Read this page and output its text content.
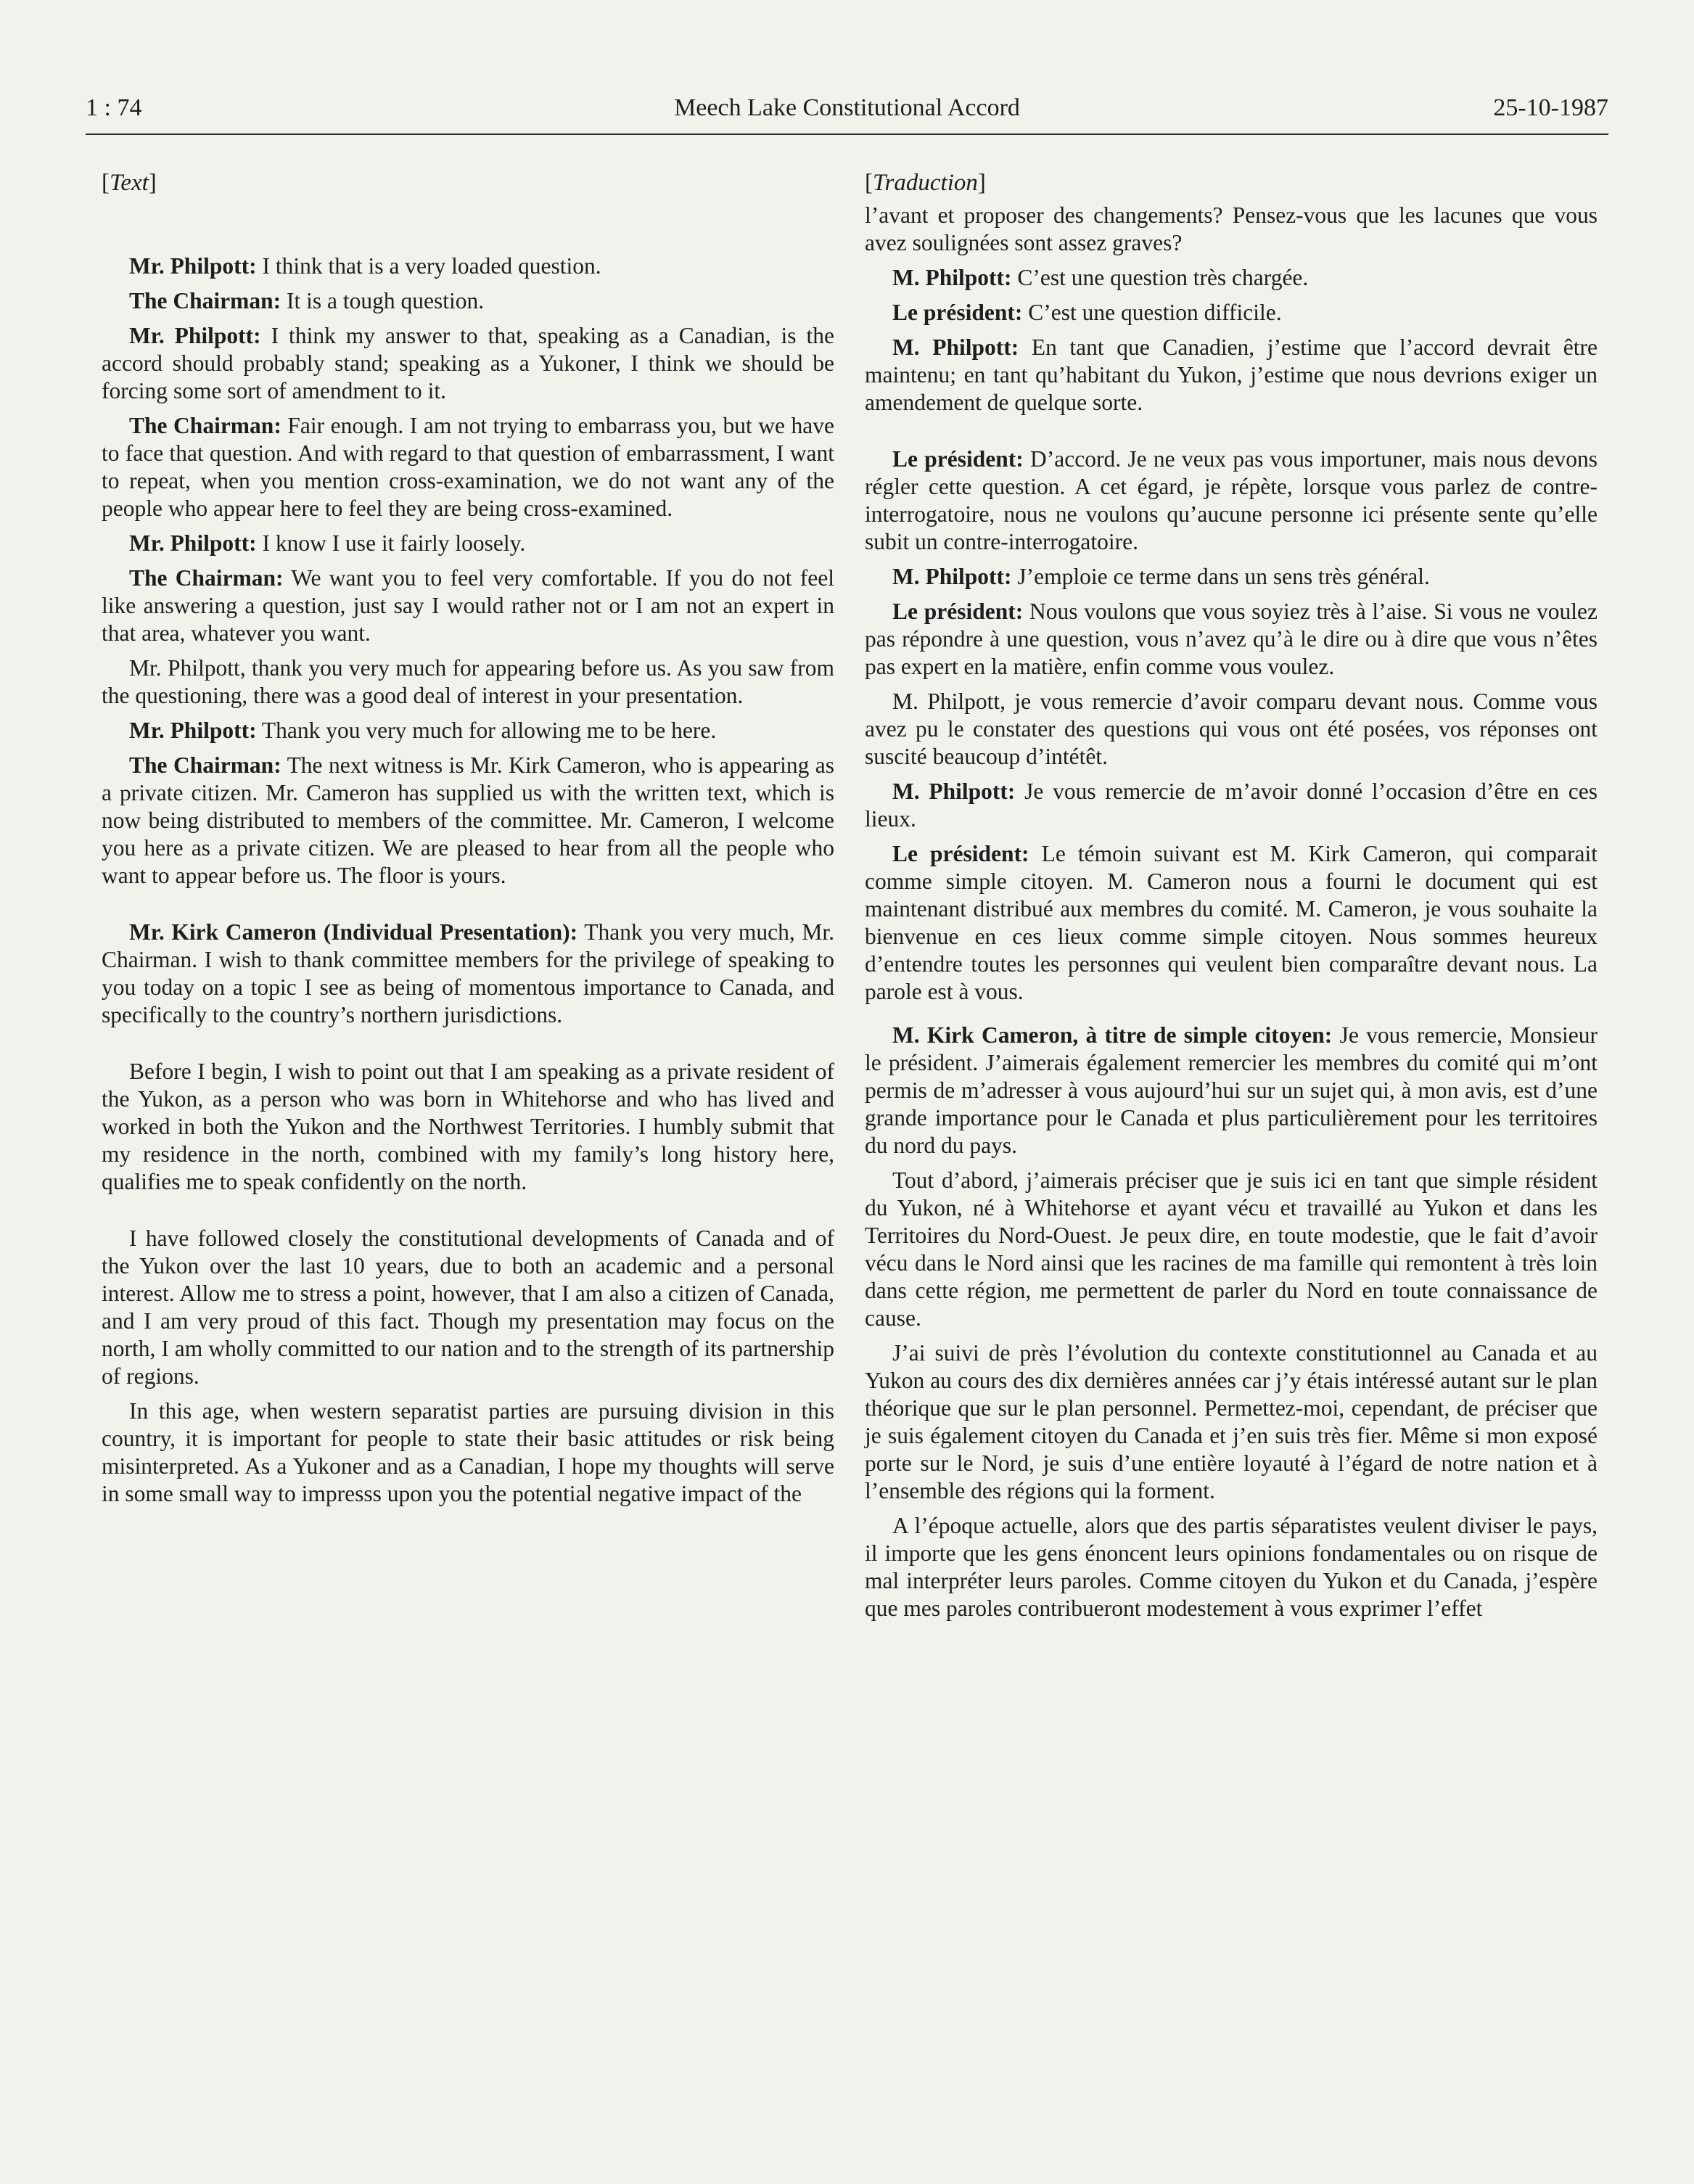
1 : 74	Meech Lake Constitutional Accord	25-10-1987
[Text]

Mr. Philpott: I think that is a very loaded question.

The Chairman: It is a tough question.

Mr. Philpott: I think my answer to that, speaking as a Canadian, is the accord should probably stand; speaking as a Yukoner, I think we should be forcing some sort of amendment to it.

The Chairman: Fair enough. I am not trying to embarrass you, but we have to face that question. And with regard to that question of embarrassment, I want to repeat, when you mention cross-examination, we do not want any of the people who appear here to feel they are being cross-examined.

Mr. Philpott: I know I use it fairly loosely.

The Chairman: We want you to feel very comfortable. If you do not feel like answering a question, just say I would rather not or I am not an expert in that area, whatever you want.

Mr. Philpott, thank you very much for appearing before us. As you saw from the questioning, there was a good deal of interest in your presentation.

Mr. Philpott: Thank you very much for allowing me to be here.

The Chairman: The next witness is Mr. Kirk Cameron, who is appearing as a private citizen. Mr. Cameron has supplied us with the written text, which is now being distributed to members of the committee. Mr. Cameron, I welcome you here as a private citizen. We are pleased to hear from all the people who want to appear before us. The floor is yours.

Mr. Kirk Cameron (Individual Presentation): Thank you very much, Mr. Chairman. I wish to thank committee members for the privilege of speaking to you today on a topic I see as being of momentous importance to Canada, and specifically to the country’s northern jurisdictions.

Before I begin, I wish to point out that I am speaking as a private resident of the Yukon, as a person who was born in Whitehorse and who has lived and worked in both the Yukon and the Northwest Territories. I humbly submit that my residence in the north, combined with my family’s long history here, qualifies me to speak confidently on the north.

I have followed closely the constitutional developments of Canada and of the Yukon over the last 10 years, due to both an academic and a personal interest. Allow me to stress a point, however, that I am also a citizen of Canada, and I am very proud of this fact. Though my presentation may focus on the north, I am wholly committed to our nation and to the strength of its partnership of regions.

In this age, when western separatist parties are pursuing division in this country, it is important for people to state their basic attitudes or risk being misinterpreted. As a Yukoner and as a Canadian, I hope my thoughts will serve in some small way to impresss upon you the potential negative impact of the

[Traduction]

l’avant et proposer des changements? Pensez-vous que les lacunes que vous avez soulignées sont assez graves?

M. Philpott: C’est une question très chargée.

Le président: C’est une question difficile.

M. Philpott: En tant que Canadien, j’estime que l’accord devrait être maintenu; en tant qu’habitant du Yukon, j’estime que nous devrions exiger un amendement de quelque sorte.

Le président: D’accord. Je ne veux pas vous importuner, mais nous devons régler cette question. A cet égard, je répète, lorsque vous parlez de contre-interrogatoire, nous ne voulons qu’aucune personne ici présente sente qu’elle subit un contre-interrogatoire.

M. Philpott: J’emploie ce terme dans un sens très général.

Le président: Nous voulons que vous soyiez très à l’aise. Si vous ne voulez pas répondre à une question, vous n’avez qu’à le dire ou à dire que vous n’êtes pas expert en la matière, enfin comme vous voulez.

M. Philpott, je vous remercie d’avoir comparu devant nous. Comme vous avez pu le constater des questions qui vous ont été posées, vos réponses ont suscité beaucoup d’intétêt.

M. Philpott: Je vous remercie de m’avoir donné l’occasion d’être en ces lieux.

Le président: Le témoin suivant est M. Kirk Cameron, qui comparait comme simple citoyen. M. Cameron nous a fourni le document qui est maintenant distribué aux membres du comité. M. Cameron, je vous souhaite la bienvenue en ces lieux comme simple citoyen. Nous sommes heureux d’entendre toutes les personnes qui veulent bien comparaître devant nous. La parole est à vous.

M. Kirk Cameron, à titre de simple citoyen: Je vous remercie, Monsieur le président. J’aimerais également remercier les membres du comité qui m’ont permis de m’adresser à vous aujourd’hui sur un sujet qui, à mon avis, est d’une grande importance pour le Canada et plus particulièrement pour les territoires du nord du pays.

Tout d’abord, j’aimerais préciser que je suis ici en tant que simple résident du Yukon, né à Whitehorse et ayant vécu et travaillé au Yukon et dans les Territoires du Nord-Ouest. Je peux dire, en toute modestie, que le fait d’avoir vécu dans le Nord ainsi que les racines de ma famille qui remontent à très loin dans cette région, me permettent de parler du Nord en toute connaissance de cause.

J’ai suivi de près l’évolution du contexte constitutionnel au Canada et au Yukon au cours des dix dernières années car j’y étais intéressé autant sur le plan théorique que sur le plan personnel. Permettez-moi, cependant, de préciser que je suis également citoyen du Canada et j’en suis très fier. Même si mon exposé porte sur le Nord, je suis d’une entière loyauté à l’égard de notre nation et à l’ensemble des régions qui la forment.

A l’époque actuelle, alors que des partis séparatistes veulent diviser le pays, il importe que les gens énoncent leurs opinions fondamentales ou on risque de mal interpréter leurs paroles. Comme citoyen du Yukon et du Canada, j’espère que mes paroles contribueront modestement à vous exprimer l’effet
